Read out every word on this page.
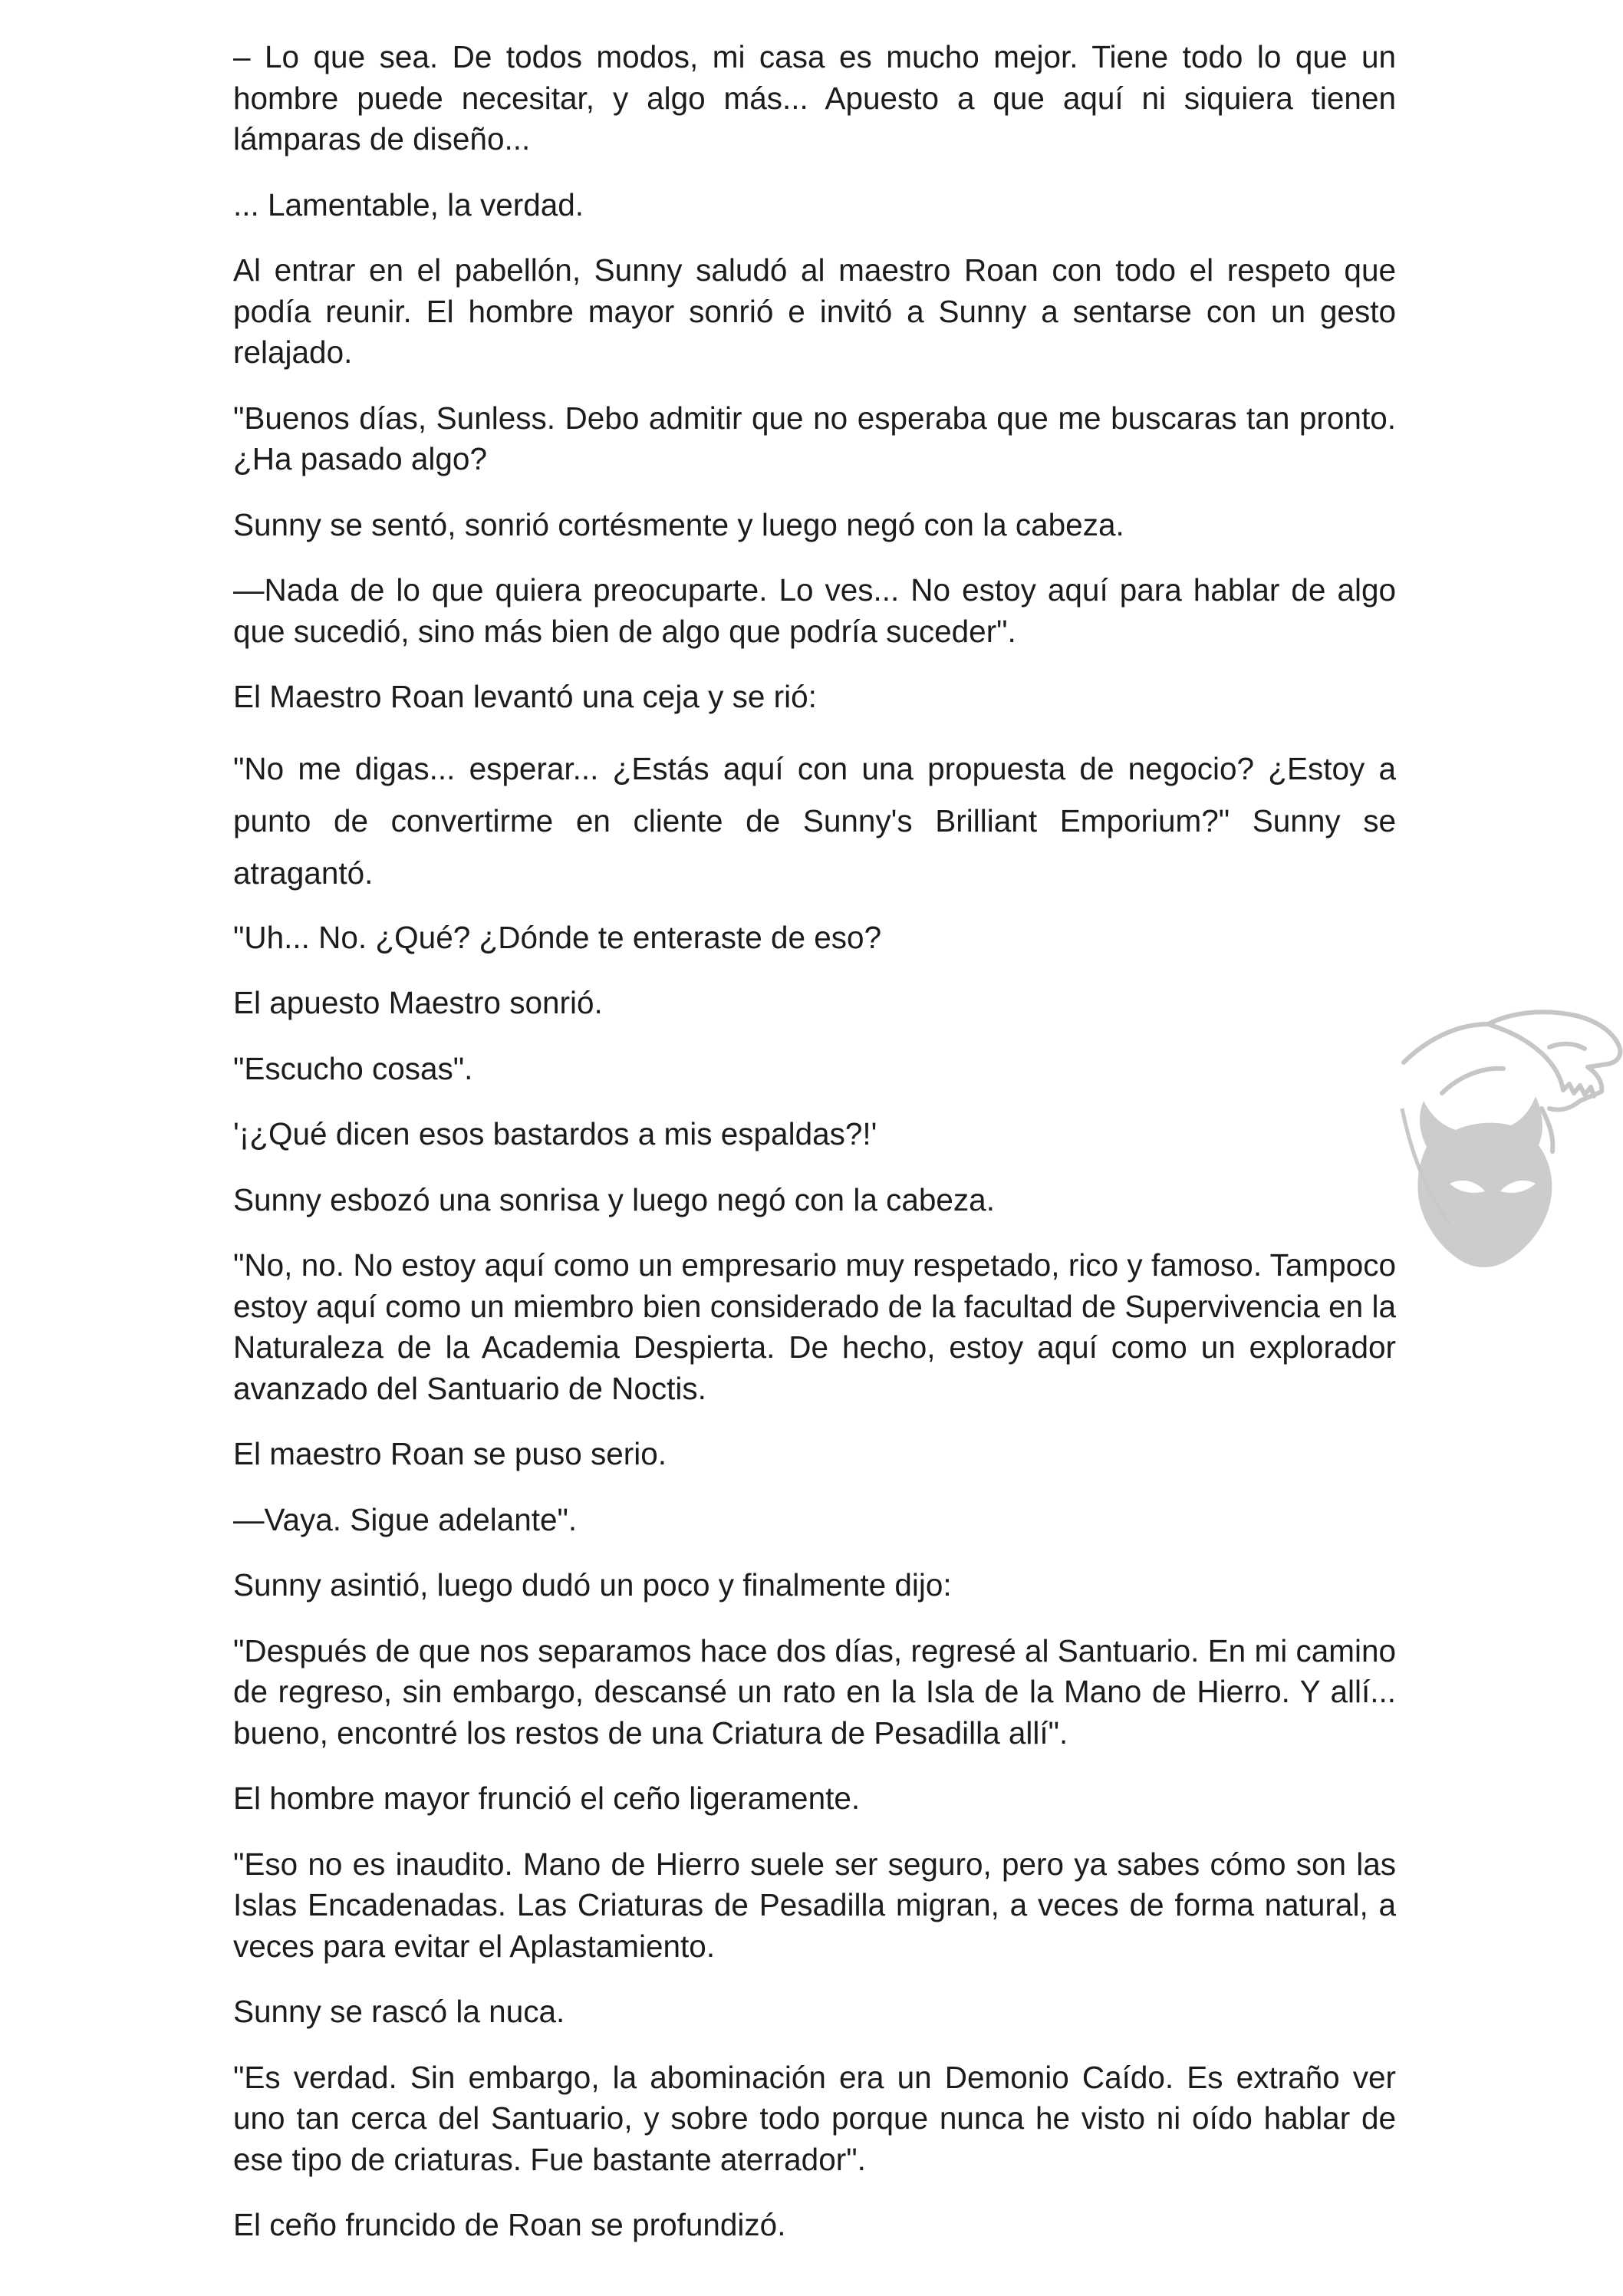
– Lo que sea. De todos modos, mi casa es mucho mejor. Tiene todo lo que un hombre puede necesitar, y algo más... Apuesto a que aquí ni siquiera tienen lámparas de diseño...

... Lamentable, la verdad.

Al entrar en el pabellón, Sunny saludó al maestro Roan con todo el respeto que podía reunir. El hombre mayor sonrió e invitó a Sunny a sentarse con un gesto relajado.

"Buenos días, Sunless. Debo admitir que no esperaba que me buscaras tan pronto. ¿Ha pasado algo?

Sunny se sentó, sonrió cortésmente y luego negó con la cabeza.

—Nada de lo que quiera preocuparte. Lo ves... No estoy aquí para hablar de algo que sucedió, sino más bien de algo que podría suceder".

El Maestro Roan levantó una ceja y se rió:

"No me digas... esperar... ¿Estás aquí con una propuesta de negocio? ¿Estoy a punto de convertirme en cliente de Sunny's Brilliant Emporium?" Sunny se atragantó.

"Uh... No. ¿Qué? ¿Dónde te enteraste de eso?

El apuesto Maestro sonrió.

"Escucho cosas".

'¡¿Qué dicen esos bastardos a mis espaldas?!'

Sunny esbozó una sonrisa y luego negó con la cabeza.

"No, no. No estoy aquí como un empresario muy respetado, rico y famoso. Tampoco estoy aquí como un miembro bien considerado de la facultad de Supervivencia en la Naturaleza de la Academia Despierta. De hecho, estoy aquí como un explorador avanzado del Santuario de Noctis.

El maestro Roan se puso serio.

—Vaya. Sigue adelante".

Sunny asintió, luego dudó un poco y finalmente dijo:

"Después de que nos separamos hace dos días, regresé al Santuario. En mi camino de regreso, sin embargo, descansé un rato en la Isla de la Mano de Hierro. Y allí... bueno, encontré los restos de una Criatura de Pesadilla allí".

El hombre mayor frunció el ceño ligeramente.

"Eso no es inaudito. Mano de Hierro suele ser seguro, pero ya sabes cómo son las Islas Encadenadas. Las Criaturas de Pesadilla migran, a veces de forma natural, a veces para evitar el Aplastamiento.

Sunny se rascó la nuca.

"Es verdad. Sin embargo, la abominación era un Demonio Caído. Es extraño ver uno tan cerca del Santuario, y sobre todo porque nunca he visto ni oído hablar de ese tipo de criaturas. Fue bastante aterrador".

El ceño fruncido de Roan se profundizó.
